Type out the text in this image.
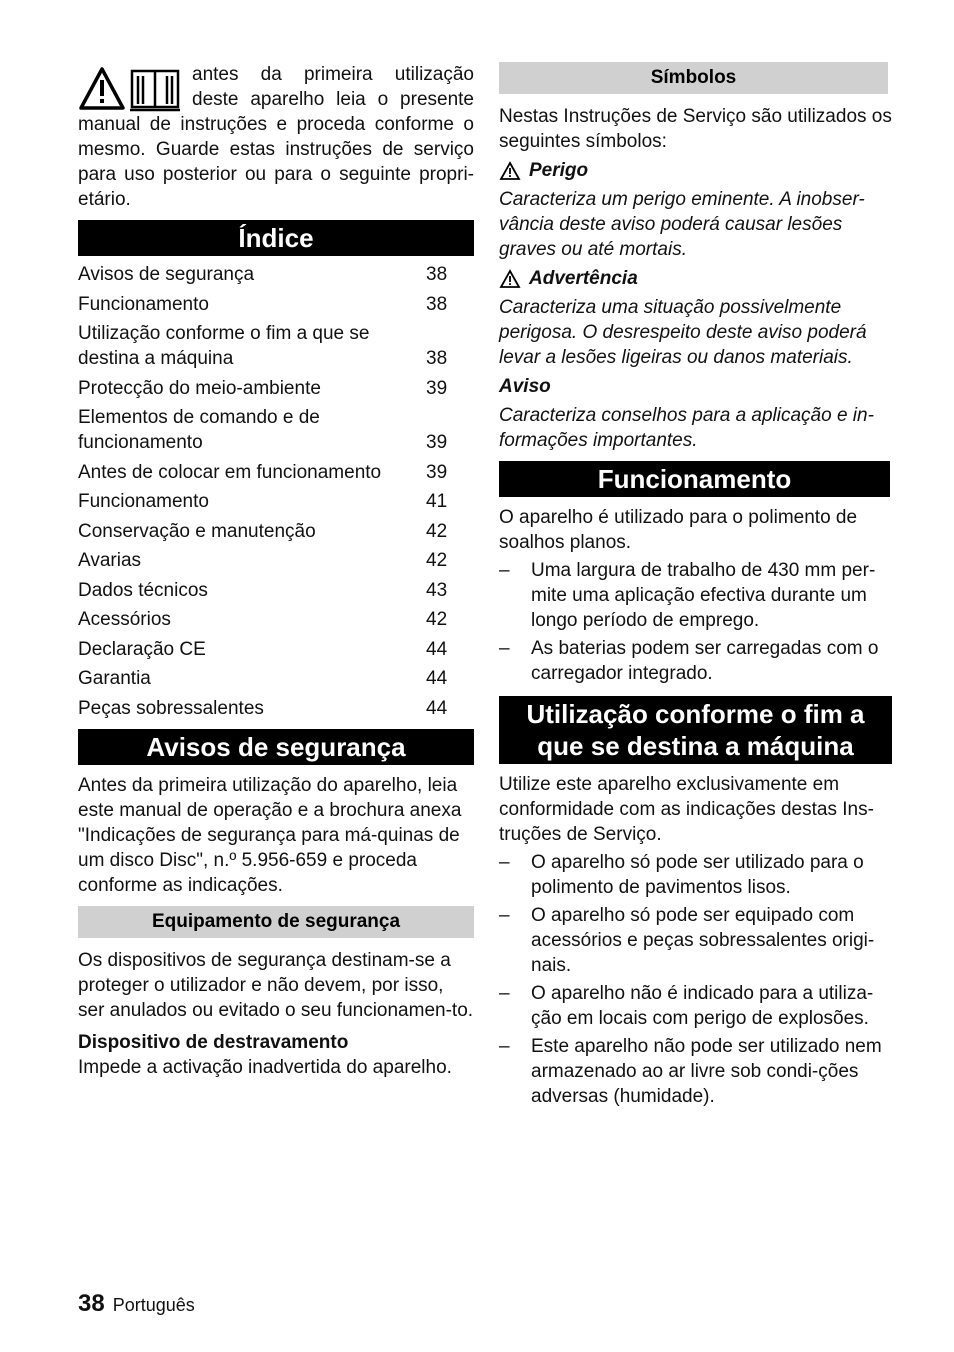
antes da primeira utilização deste aparelho leia o presente manual de instruções e proceda conforme o mesmo. Guarde estas instruções de serviço para uso posterior ou para o seguinte propri-etário.

Índice
Avisos de segurança	38
Funcionamento	38
Utilização conforme o fim a que se destina a máquina	38
Protecção do meio-ambiente	39
Elementos de comando e de funcionamento	39
Antes de colocar em funcionamento	39
Funcionamento	41
Conservação e manutenção	42
Avarias	42
Dados técnicos	43
Acessórios	42
Declaração CE	44
Garantia	44
Peças sobressalentes	44
Avisos de segurança

Antes da primeira utilização do aparelho, leia este manual de operação e a brochura anexa "Indicações de segurança para má-quinas de um disco Disc", n.º 5.956-659 e proceda conforme as indicações.

Equipamento de segurança

Os dispositivos de segurança destinam-se a proteger o utilizador e não devem, por isso, ser anulados ou evitado o seu funcionamen-to.

Dispositivo de destravamento

Impede a activação inadvertida do aparelho.

Símbolos

Nestas Instruções de Serviço são utilizados os seguintes símbolos:

Perigo

Caracteriza um perigo eminente. A inobser-vância deste aviso poderá causar lesões graves ou até mortais.

Advertência

Caracteriza uma situação possivelmente perigosa. O desrespeito deste aviso poderá levar a lesões ligeiras ou danos materiais.

Aviso

Caracteriza conselhos para a aplicação e in-formações importantes.

Funcionamento

O aparelho é utilizado para o polimento de soalhos planos.

– Uma largura de trabalho de 430 mm per-mite uma aplicação efectiva durante um longo período de emprego.
– As baterias podem ser carregadas com o carregador integrado.
Utilização conforme o fim a
que se destina a máquina

Utilize este aparelho exclusivamente em conformidade com as indicações destas Ins-truções de Serviço.

– O aparelho só pode ser utilizado para o polimento de pavimentos lisos.
– O aparelho só pode ser equipado com acessórios e peças sobressalentes origi-nais.
– O aparelho não é indicado para a utiliza-ção em locais com perigo de explosões.
– Este aparelho não pode ser utilizado nem armazenado ao ar livre sob condi-ções adversas (humidade).
38 Português
